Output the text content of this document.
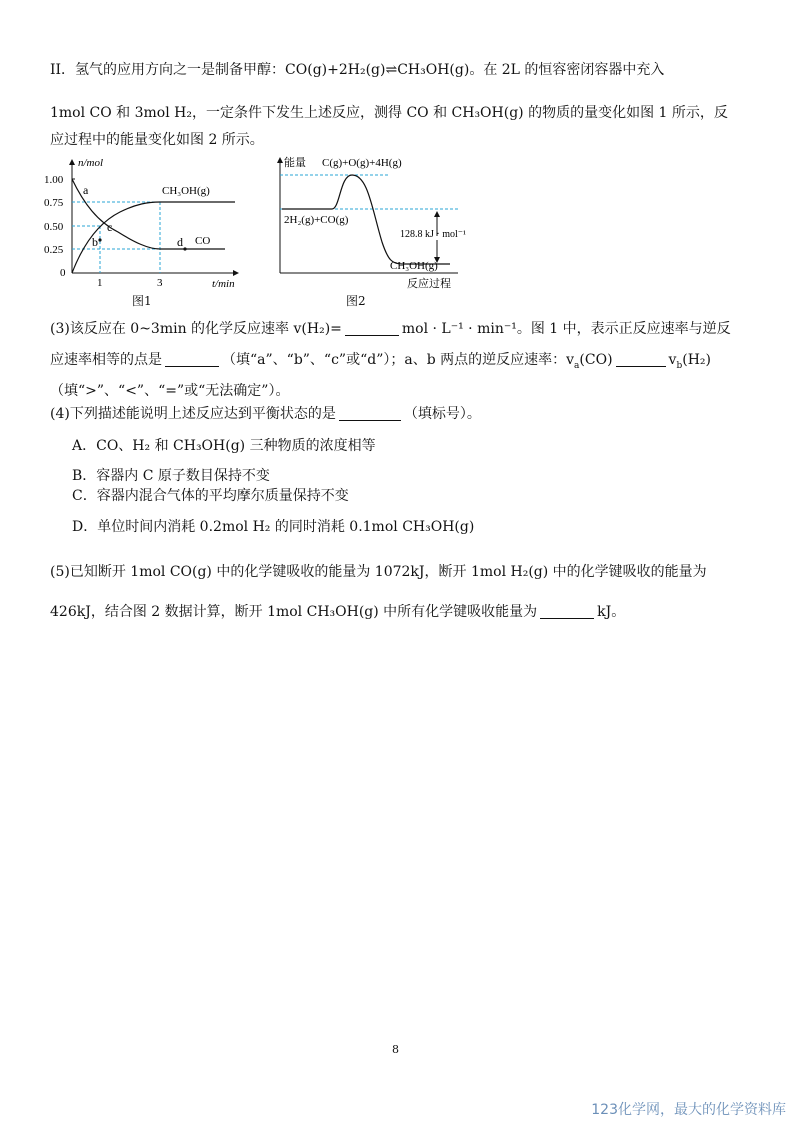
II．氢气的应用方向之一是制备甲醇：CO(g)+2H₂(g)⇌CH₃OH(g)。在 2L 的恒容密闭容器中充入
1mol CO 和 3mol H₂，一定条件下发生上述反应，测得 CO 和 CH₃OH(g) 的物质的量变化如图 1 所示，反
应过程中的能量变化如图 2 所示。
1.00
0.75
0.50
0.25
0
1	3
n/mol
t/min
CH₃OH(g)
CO
a
b
c
d
图1
能量 C(g)+O(g)+4H(g)
2H₂(g)+CO(g)
128.8 kJ · mol⁻¹
CH₃OH(g)
反应过程
图2
(3)该反应在 0~3min 的化学反应速率 v(H₂)=	mol · L⁻¹ · min⁻¹。图 1 中，表示正反应速率与逆反
应速率相等的点是	（填“a”、“b”、“c”或“d”）；a、b 两点的逆反应速率：$v_a(CO)$	$v_b(H_2)$
（填“>”、“<”、“=”或“无法确定”）。
(4)下列描述能说明上述反应达到平衡状态的是	（填标号）。
A．CO、H₂ 和 CH₃OH(g) 三种物质的浓度相等
B．容器内 C 原子数目保持不变
C．容器内混合气体的平均摩尔质量保持不变
D．单位时间内消耗 0.2mol H₂ 的同时消耗 0.1mol CH₃OH(g)
(5)已知断开 1mol CO(g) 中的化学键吸收的能量为 1072kJ，断开 1mol H₂(g) 中的化学键吸收的能量为
426kJ，结合图 2 数据计算，断开 1mol CH₃OH(g) 中所有化学键吸收能量为	kJ。
8
123化学网，最大的化学资料库
